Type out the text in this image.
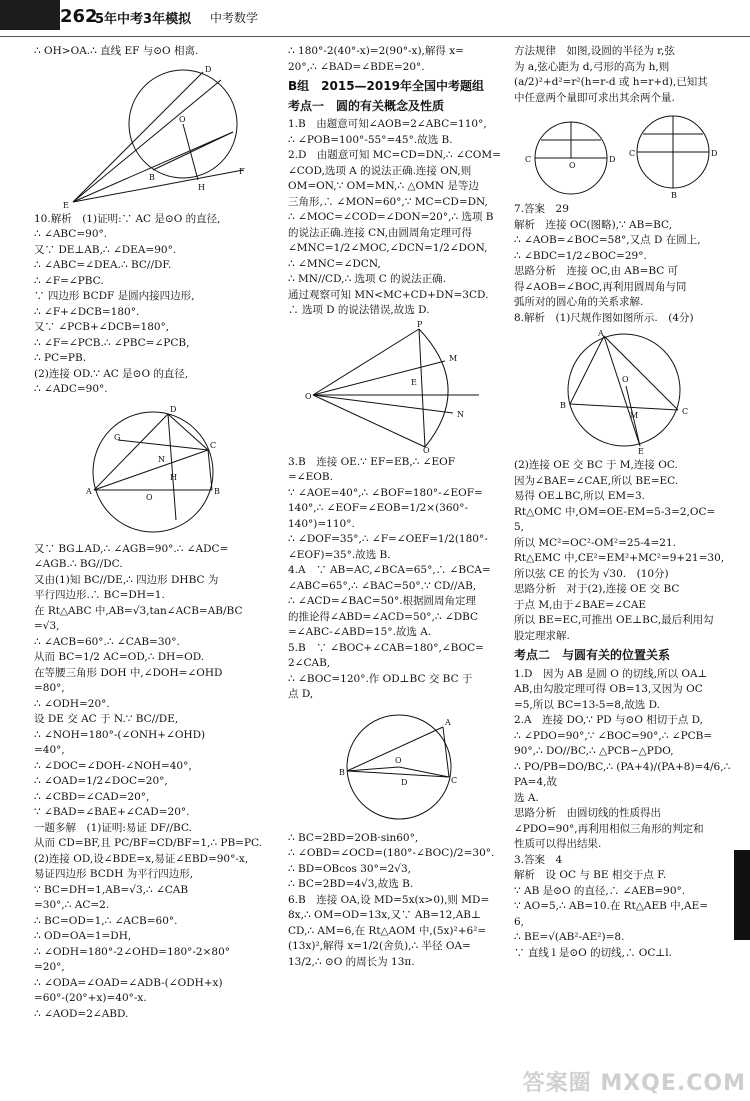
262
5年中考3年模拟 中考数学
∴ OH>OA.∴ 直线 EF 与⊙O 相离.
D
F
O
B
E
H
10.解析　(1)证明:∵ AC 是⊙O 的直径,
∴ ∠ABC=90°.
又∵ DE⊥AB,∴ ∠DEA=90°.
∴ ∠ABC=∠DEA.∴ BC//DF.
∴ ∠F=∠PBC.
∵ 四边形 BCDF 是圆内接四边形,
∴ ∠F+∠DCB=180°.
又∵ ∠PCB+∠DCB=180°,
∴ ∠F=∠PCB.∴ ∠PBC=∠PCB,
∴ PC=PB.
(2)连接 OD.∵ AC 是⊙O 的直径,
∴ ∠ADC=90°.
D
A	B
C
O
H
N
G
又∵ BG⊥AD,∴ ∠AGB=90°.∴ ∠ADC=
∠AGB.∴ BG//DC.
又由(1)知 BC//DE,∴ 四边形 DHBC 为
平行四边形.∴ BC=DH=1.
在 Rt△ABC 中,AB=√3,tan∠ACB=AB/BC
=√3,
∴ ∠ACB=60°.∴ ∠CAB=30°.
从而 BC=1/2 AC=OD,∴ DH=OD.
在等腰三角形 DOH 中,∠DOH=∠OHD
=80°,
∴ ∠ODH=20°.
设 DE 交 AC 于 N.∵ BC//DE,
∴ ∠NOH=180°-(∠ONH+∠OHD)
=40°,
∴ ∠DOC=∠DOH-∠NOH=40°,
∴ ∠OAD=1/2∠DOC=20°,
∴ ∠CBD=∠CAD=20°,
∵ ∠BAD=∠BAE+∠CAD=20°.
一题多解　(1)证明:易证 DF//BC.
从而 CD=BF,且 PC/BF=CD/BF=1,∴ PB=PC.
(2)连接 OD,设∠BDE=x,易证∠EBD=90°-x,
易证四边形 BCDH 为平行四边形,
∵ BC=DH=1,AB=√3,∴ ∠CAB
=30°,∴ AC=2.
∴ BC=OD=1,∴ ∠ACB=60°.
∴ OD=OA=1=DH,
∴ ∠ODH=180°-2∠OHD=180°-2×80°
=20°,
∴ ∠ODA=∠OAD=∠ADB-(∠ODH+x)
=60°-(20°+x)=40°-x.
∴ ∠AOD=2∠ABD.
∴ 180°-2(40°-x)=2(90°-x),解得 x=
20°,∴ ∠BAD=∠BDE=20°.
B组　2015—2019年全国中考题组
考点一　圆的有关概念及性质
1.B　由题意可知∠AOB=2∠ABC=110°,
∴ ∠POB=100°-55°=45°.故选 B.
2.D　由题意可知 MC=CD=DN,∴ ∠COM=
∠COD,选项 A 的说法正确.连接 ON,则
OM=ON,∵ OM=MN,∴ △OMN 是等边
三角形,∴ ∠MON=60°,∵ MC=CD=DN,
∴ ∠MOC=∠COD=∠DON=20°,∴ 选项 B
的说法正确.连接 CN,由圆周角定理可得
∠MNC=1/2∠MOC,∠DCN=1/2∠DON,
∴ ∠MNC=∠DCN,
∴ MN//CD,∴ 选项 C 的说法正确.
通过观察可知 MN<MC+CD+DN=3CD.
∴ 选项 D 的说法错误,故选 D.
P
O
M
N
Q
E
3.B　连接 OE.∵ EF=EB,∴ ∠EOF
=∠EOB.
∵ ∠AOE=40°,∴ ∠BOF=180°-∠EOF=
140°,∴ ∠EOF=∠EOB=1/2×(360°-
140°)=110°.
∴ ∠DOF=35°,∴ ∠F=∠OEF=1/2(180°-
∠EOF)=35°.故选 B.
4.A　∵ AB=AC,∠BCA=65°,∴ ∠BCA=
∠ABC=65°,∴ ∠BAC=50°.∵ CD//AB,
∴ ∠ACD=∠BAC=50°.根据圆周角定理
的推论得∠ABD=∠ACD=50°,∴ ∠DBC
=∠ABC-∠ABD=15°.故选 A.
5.B　∵ ∠BOC+∠CAB=180°,∠BOC=
2∠CAB,
∴ ∠BOC=120°.作 OD⊥BC 交 BC 于
点 D,
A
B
C
O
D
∴ BC=2BD=2OB·sin60°,
∴ ∠OBD=∠OCD=(180°-∠BOC)/2=30°.
∴ BD=OBcos 30°=2√3,
∴ BC=2BD=4√3,故选 B.
6.B　连接 OA,设 MD=5x(x>0),则 MD=
8x,∴ OM=OD=13x,又∵ AB=12,AB⊥
CD,∴ AM=6,在 Rt△AOM 中,(5x)²+6²=
(13x)²,解得 x=1/2(舍负),∴ 半径 OA=
13/2,∴ ⊙O 的周长为 13π.
方法规律　如图,设圆的半径为 r,弦
为 a,弦心距为 d,弓形的高为 h,则
(a/2)²+d²=r²(h=r-d 或 h=r+d),已知其
中任意两个量即可求出其余两个量.
C	D
O
C	D
B
7.答案　29
解析　连接 OC(图略),∵ AB=BC,
∴ ∠AOB=∠BOC=58°,又点 D 在圆上,
∴ ∠BDC=1/2∠BOC=29°.
思路分析　连接 OC,由 AB=BC 可
得∠AOB=∠BOC,再利用圆周角与同
弧所对的圆心角的关系求解.
8.解析　(1)尺规作图如图所示.　(4分)
A
B
C
O
M
E
(2)连接 OE 交 BC 于 M,连接 OC.
因为∠BAE=∠CAE,所以 BE=EC.
易得 OE⊥BC,所以 EM=3.
Rt△OMC 中,OM=OE-EM=5-3=2,OC=
5,
所以 MC²=OC²-OM²=25-4=21.
Rt△EMC 中,CE²=EM²+MC²=9+21=30,
所以弦 CE 的长为 √30.　(10分)
思路分析　对于(2),连接 OE 交 BC
于点 M,由于∠BAE=∠CAE
所以 BE=EC,可推出 OE⊥BC,最后利用勾
股定理求解.
考点二　与圆有关的位置关系
1.D　因为 AB 是圆 O 的切线,所以 OA⊥
AB,由勾股定理可得 OB=13,又因为 OC
=5,所以 BC=13-5=8,故选 D.
2.A　连接 DO,∵ PD 与⊙O 相切于点 D,
∴ ∠PDO=90°,∵ ∠BOC=90°,∴ ∠PCB=
90°,∴ DO//BC,∴ △PCB∽△PDO,
∴ PO/PB=DO/BC,∴ (PA+4)/(PA+8)=4/6,∴ PA=4,故
选 A.
思路分析　由圆切线的性质得出
∠PDO=90°,再利用相似三角形的判定和
性质可以得出结果.
3.答案　4
解析　设 OC 与 BE 相交于点 F.
∵ AB 是⊙O 的直径,∴ ∠AEB=90°.
∵ AO=5,∴ AB=10.在 Rt△AEB 中,AE=
6,
∴ BE=√(AB²-AE²)=8.
∵ 直线 l 是⊙O 的切线,∴ OC⊥l.
答案圈 MXQE.COM
